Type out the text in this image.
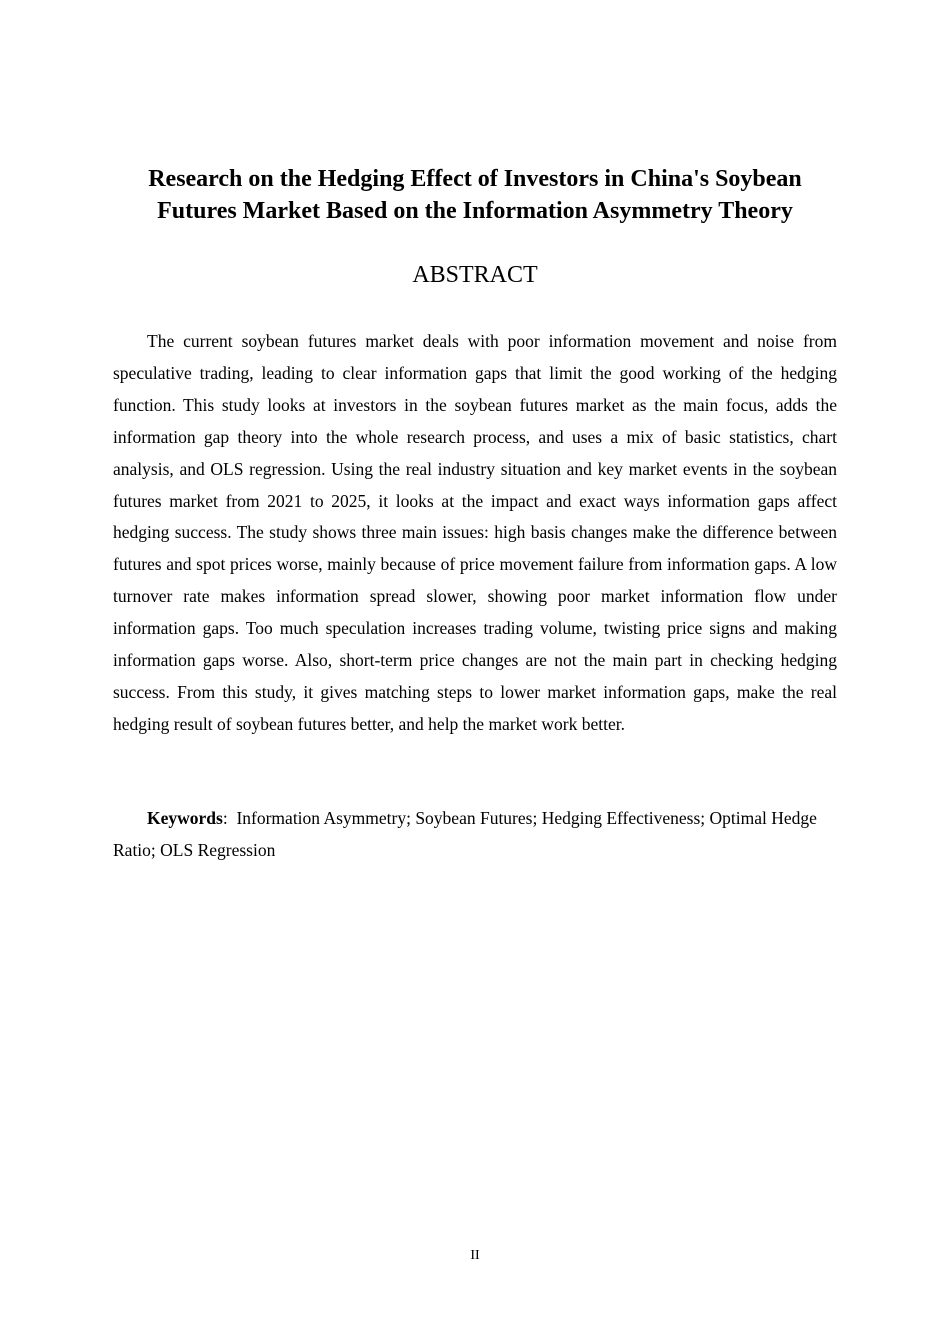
Research on the Hedging Effect of Investors in China's Soybean
Futures Market Based on the Information Asymmetry Theory
ABSTRACT

The current soybean futures market deals with poor information movement and noise from speculative trading, leading to clear information gaps that limit the good working of the hedging function. This study looks at investors in the soybean futures market as the main focus, adds the information gap theory into the whole research process, and uses a mix of basic statistics, chart analysis, and OLS regression. Using the real industry situation and key market events in the soybean futures market from 2021 to 2025, it looks at the impact and exact ways information gaps affect hedging success. The study shows three main issues: high basis changes make the difference between futures and spot prices worse, mainly because of price movement failure from information gaps. A low turnover rate makes information spread slower, showing poor market information flow under information gaps. Too much speculation increases trading volume, twisting price signs and making information gaps worse. Also, short-term price changes are not the main part in checking hedging success. From this study, it gives matching steps to lower market information gaps, make the real hedging result of soybean futures better, and help the market work better.

Keywords: Information Asymmetry; Soybean Futures; Hedging Effectiveness; Optimal Hedge Ratio; OLS Regression

II
